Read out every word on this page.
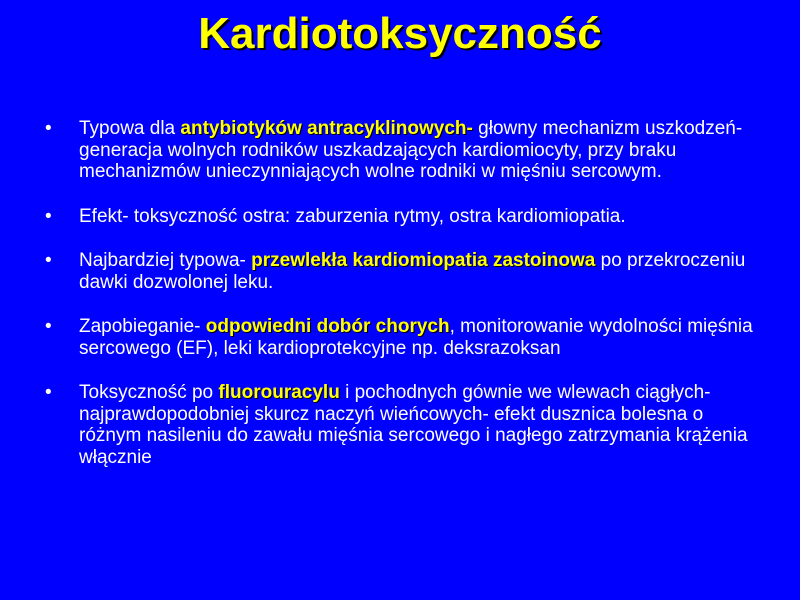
Kardiotoksyczność
• Typowa dla antybiotyków antracyklinowych- głowny mechanizm uszkodzeń- generacja wolnych rodników uszkadzających kardiomiocyty, przy braku mechanizmów unieczynniających wolne rodniki w mięśniu sercowym.
• Efekt- toksyczność ostra: zaburzenia rytmy, ostra kardiomiopatia.
• Najbardziej typowa- przewlekła kardiomiopatia zastoinowa po przekroczeniu dawki dozwolonej leku.
• Zapobieganie- odpowiedni dobór chorych, monitorowanie wydolności mięśnia sercowego (EF), leki kardioprotekcyjne np. deksrazoksan
• Toksyczność po fluorouracylu i pochodnych gównie we wlewach ciągłych- najprawdopodobniej skurcz naczyń wieńcowych- efekt dusznica bolesna o różnym nasileniu do zawału mięśnia sercowego i nagłego zatrzymania krążenia włącznie
